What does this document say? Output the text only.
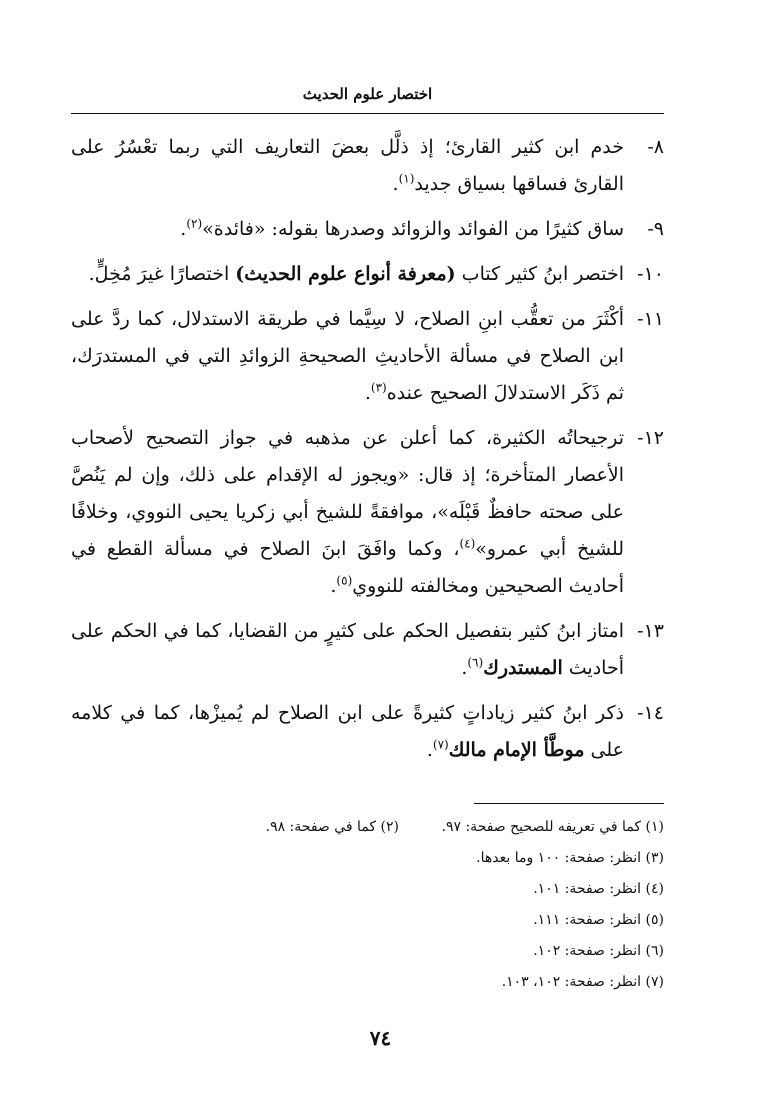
اختصار علوم الحديث
٨-
خدم ابن كثير القارئ؛ إذ ذلَّل بعضَ التعاريف التي ربما تعْسُرُ على القارئ فساقها بسياق جديد$^{(١)}$.
٩-
ساق كثيرًا من الفوائد والزوائد وصدرها بقوله: «فائدة»$^{(٢)}$.
١٠-
اختصر ابنُ كثير كتاب (معرفة أنواع علوم الحديث) اختصارًا غيرَ مُخِلٍّ.
١١-
أكْثَرَ من تعقُّب ابنِ الصلاح، لا سِيَّما في طريقة الاستدلال، كما ردَّ على ابن الصلاح في مسألة الأحاديثِ الصحيحةِ الزوائدِ التي في المستدرَك، ثم ذَكَر الاستدلالَ الصحيح عنده$^{(٣)}$.
١٢-
ترجيحاتُه الكثيرة، كما أعلن عن مذهبه في جواز التصحيح لأصحاب الأعصار المتأخرة؛ إذ قال: «ويجوز له الإقدام على ذلك، وإن لم يَنُصَّ على صحته حافظٌ قَبْلَه»، موافقةً للشيخ أبي زكريا يحيى النووي، وخلافًا للشيخ أبي عمرو»$^{(٤)}$، وكما وافَقَ ابنَ الصلاح في مسألة القطع في أحاديث الصحيحين ومخالفته للنووي$^{(٥)}$.
١٣-
امتاز ابنُ كثير بتفصيل الحكم على كثيرٍ من القضايا، كما في الحكم على أحاديث المستدرك$^{(٦)}$.
١٤-
ذكر ابنُ كثير زياداتٍ كثيرةً على ابن الصلاح لم يُميزْها، كما في كلامه على موطَّأ الإمام مالك$^{(٧)}$.
(١) كما في تعريفه للصحيح صفحة: ٩٧.
(٢) كما في صفحة: ٩٨.
(٣) انظر: صفحة: ١٠٠ وما بعدها.
(٤) انظر: صفحة: ١٠١.
(٥) انظر: صفحة: ١١١.
(٦) انظر: صفحة: ١٠٢.
(٧) انظر: صفحة: ١٠٢، ١٠٣.
٧٤
